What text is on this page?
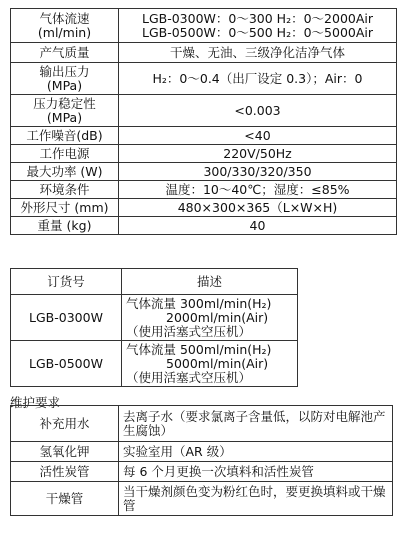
气体流速
(ml/min)	LGB-0300W：0～300 H₂：0～2000Air
LGB-0500W：0～500 H₂：0～5000Air
产气质量	干燥、无油、三级净化洁净气体
输出压力
(MPa)	H₂：0～0.4（出厂设定 0.3）；Air：0
压力稳定性
(MPa)	<0.003
工作噪音(dB)	<40
工作电源	220V/50Hz
最大功率 (W)	300/330/320/350
环境条件	温度：10～40℃；湿度：≤85%
外形尺寸 (mm)	480×300×365（L×W×H)
重量 (kg)	40
订货号	描述
LGB-0300W	气体流量 300ml/min(H₂)
2000ml/min(Air)
（使用活塞式空压机）

LGB-0500W	气体流量 500ml/min(H₂)
5000ml/min(Air)
（使用活塞式空压机）
维护要求
补充用水	去离子水（要求氯离子含量低，以防对电解池产生腐蚀）
氢氧化钾	实验室用（AR 级）
活性炭管	每 6 个月更换一次填料和活性炭管
干燥管	当干燥剂颜色变为粉红色时，要更换填料或干燥管
